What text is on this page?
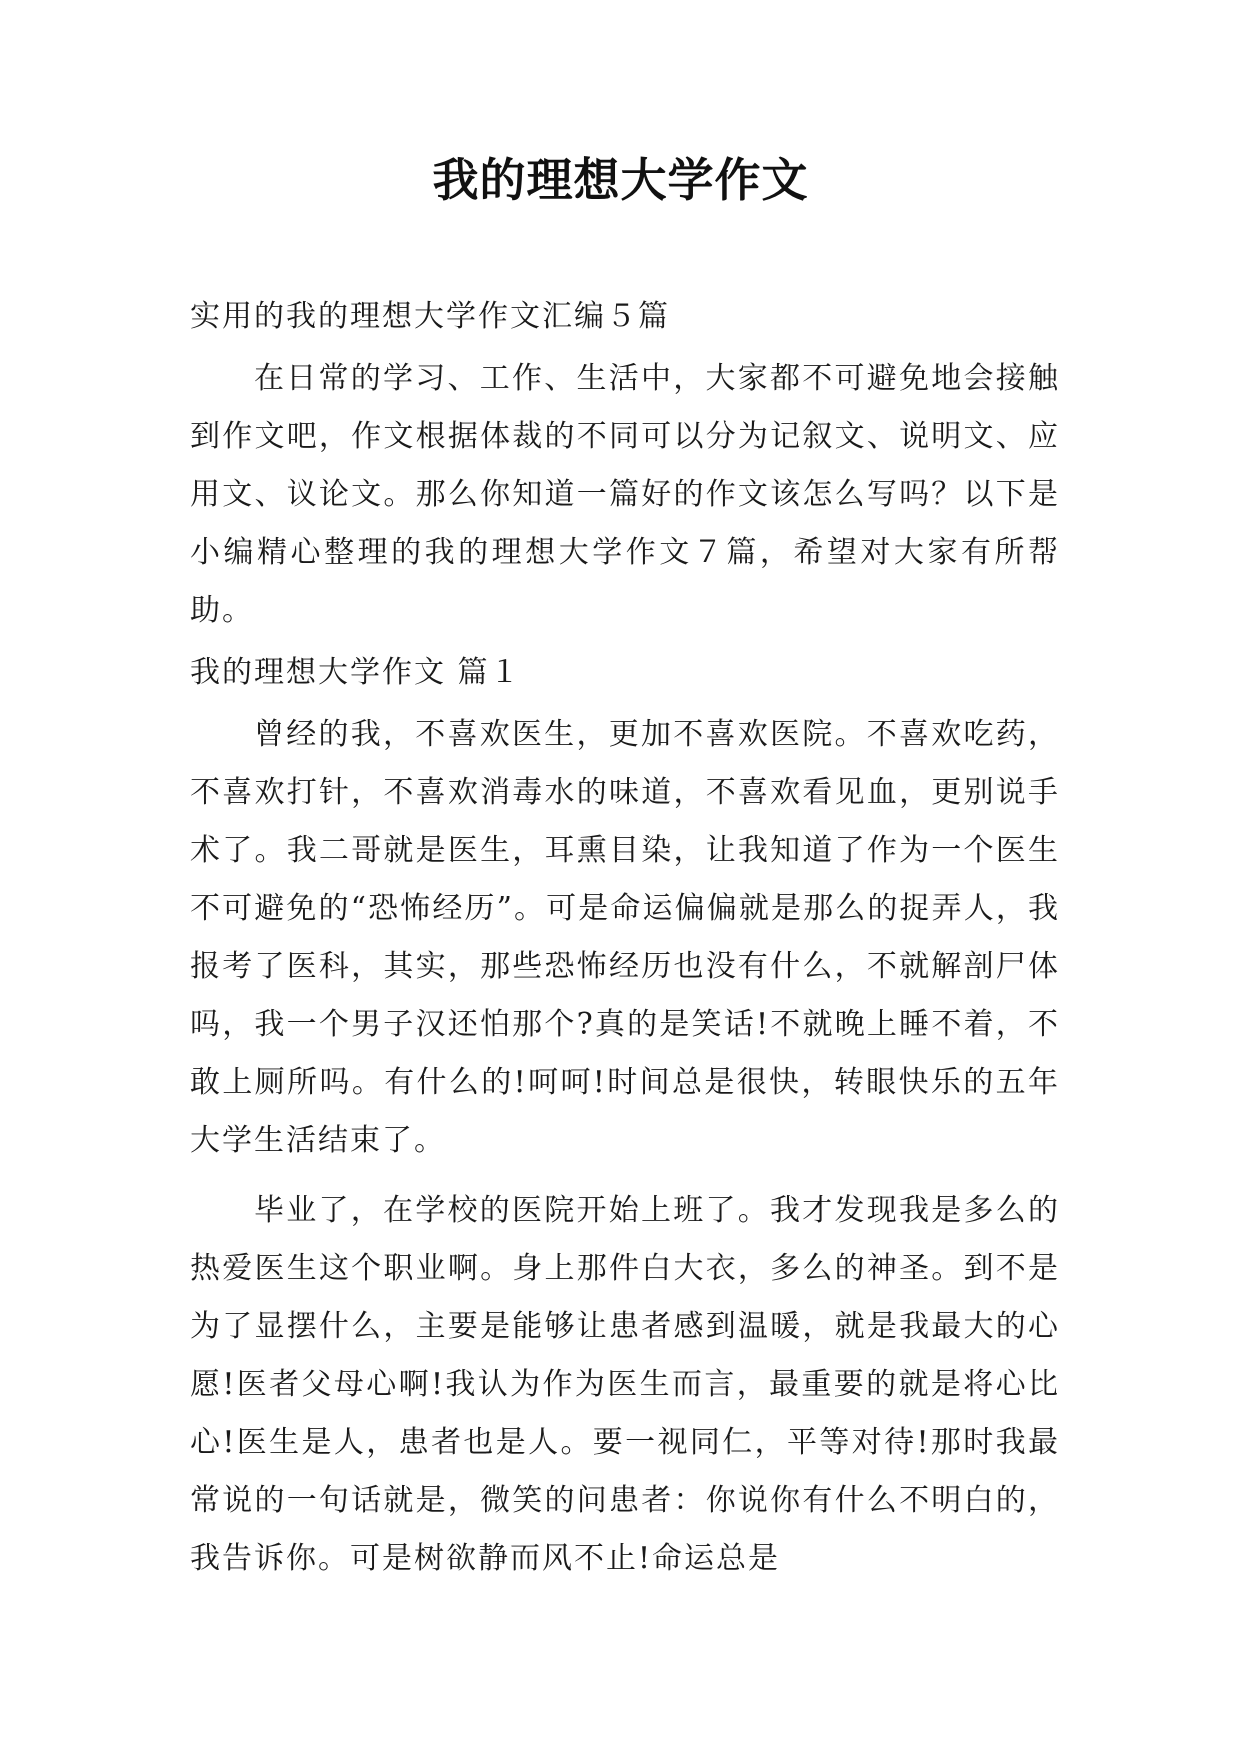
我的理想大学作文

实用的我的理想大学作文汇编５篇

在日常的学习、工作、生活中，大家都不可避免地会接触到作文吧，作文根据体裁的不同可以分为记叙文、说明文、应用文、议论文。那么你知道一篇好的作文该怎么写吗？以下是小编精心整理的我的理想大学作文７篇，希望对大家有所帮助。

我的理想大学作文 篇１

曾经的我，不喜欢医生，更加不喜欢医院。不喜欢吃药，不喜欢打针，不喜欢消毒水的味道，不喜欢看见血，更别说手术了。我二哥就是医生，耳熏目染，让我知道了作为一个医生不可避免的“恐怖经历”。可是命运偏偏就是那么的捉弄人，我报考了医科，其实，那些恐怖经历也没有什么，不就解剖尸体吗，我一个男子汉还怕那个?真的是笑话!不就晚上睡不着，不敢上厕所吗。有什么的!呵呵!时间总是很快，转眼快乐的五年大学生活结束了。

毕业了，在学校的医院开始上班了。我才发现我是多么的热爱医生这个职业啊。身上那件白大衣，多么的神圣。到不是为了显摆什么，主要是能够让患者感到温暖，就是我最大的心愿!医者父母心啊!我认为作为医生而言，最重要的就是将心比心!医生是人，患者也是人。要一视同仁，平等对待!那时我最常说的一句话就是，微笑的问患者：你说你有什么不明白的，我告诉你。可是树欲静而风不止!命运总是
